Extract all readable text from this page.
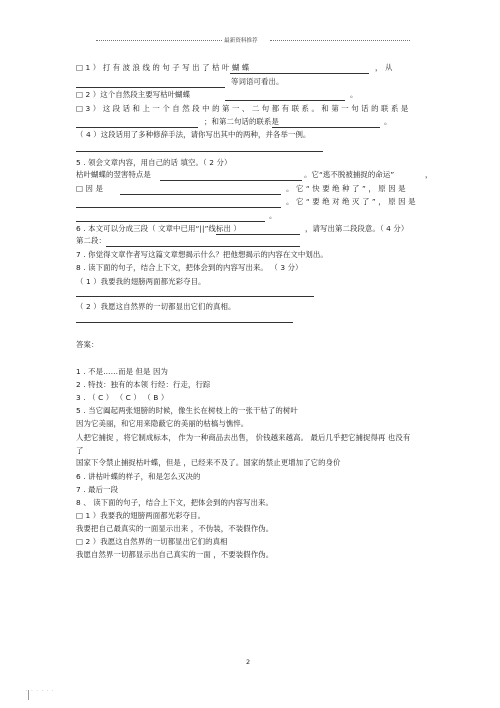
最新资料推荐
□ 1 ） 打 有 波 浪 线 的 句 子 写 出 了 枯 叶 蝴 蝶	， 从
等词语可看出。
□ 2 ）这个自然段主要写枯叶蝴蝶	。
□ 3 ） 这 段 话 和 上 一 个 自 然 段 中 的 第 一 、 二 句 都 有 联 系 。 和 第 一 句 话 的 联 系 是
；和第二句话的联系是	。
（ 4 ）这段话用了多种修辞手法，请你写出其中的两种，并各举一例。
5 . 领会文章内容，用自己的话 填空。（ 2 分）
枯叶蝴蝶的翌害特点是	。它“逃不脱被捕捉的命运”	，
□ 因 是	。 它 “ 快 要 绝 种 了 ” ， 原 因 是
。 它 “ 要 绝 对 绝 灭 了 ” ， 原 因 是
。
6 . 本文可以分成三段（ 文章中已用“||”线标出 ）	，请写出第二段段意。（ 4 分）
第二段：
7 . 你觉得文章作者写这篇文章想揭示什么？把他想揭示的内容在文中划出。
8 . 读下面的句子，结合上下文，把体会到的内容写出来。 （ 3 分）
（ 1 ）我要我的翅膀两面都光彩夺目。
（ 2 ）我愿这自然界的一切都显出它们的真相。
答案：
1 . 不是……而是 但是 因为
2 . 特技：独有的本领 行经：行走，行踪
3 . （ C ） （ C ） （ B ）
5 . 当它阖起两张翅膀的时候，像生长在树枝上的一张干枯了的树叶
因为它美丽，和它用来隐蔽它的美丽的枯槁与憔悴。
人把它捕捉 ，将它制成标本， 作为一种商品去出售， 价钱越来越高。 最后几乎把它捕捉得再 也没有
了
国家下令禁止捕捉枯叶蝶，但是 ，已经来不及了。国家的禁止更增加了它的身价
6 . 讲枯叶蝶的样子，和是怎么灭决的
7 . 最后一段
8 、 读下面的句子，结合上下文，把体会到的内容写出来。
□ 1 ）我要我的翅膀两面都光彩夺目。
我要把自己最真实的一面显示出来 ，不伪装，不装假作伪。
□ 2 ）我愿这自然界的一切都显出它们的真相
我愿自然界一切都显示出自己真实的一面 ，不要装假作伪。
2
· · · · · ·
